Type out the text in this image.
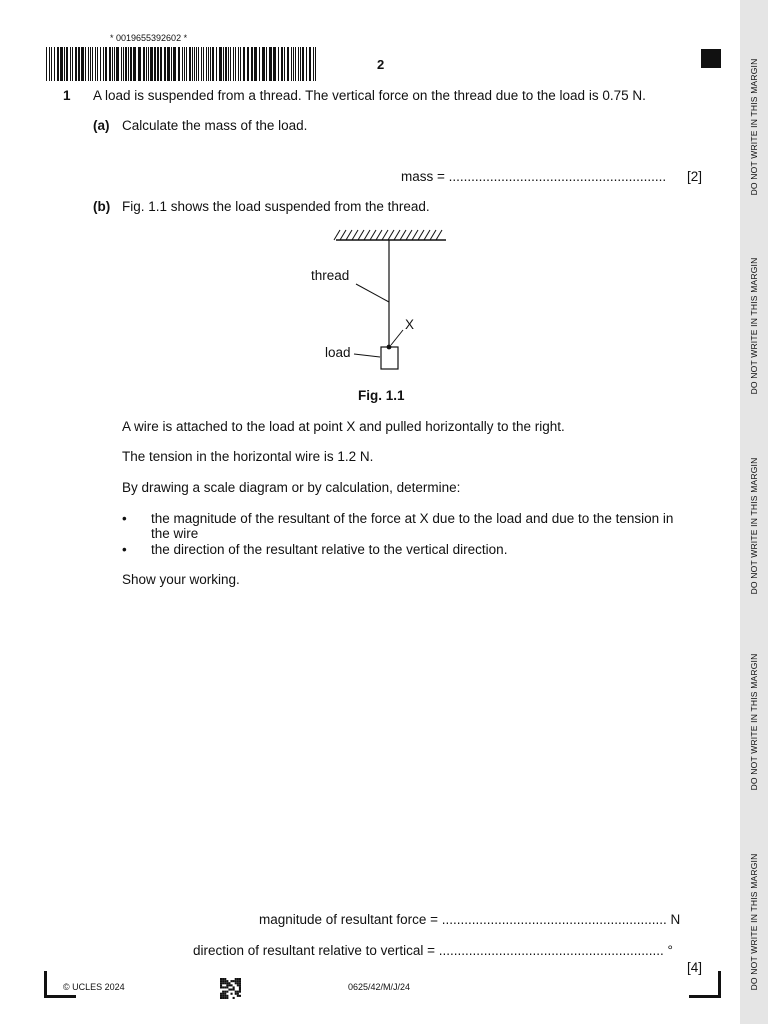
DO NOT WRITE IN THIS MARGIN
DO NOT WRITE IN THIS MARGIN
DO NOT WRITE IN THIS MARGIN
DO NOT WRITE IN THIS MARGIN
DO NOT WRITE IN THIS MARGIN
* 0019655392602 *
2
1 A load is suspended from a thread. The vertical force on the thread due to the load is 0.75 N.
(a) Calculate the mass of the load.
mass = .......................................................... [2]
(b) Fig. 1.1 shows the load suspended from the thread.
thread
X
load
Fig. 1.1
A wire is attached to the load at point X and pulled horizontally to the right.
The tension in the horizontal wire is 1.2 N.
By drawing a scale diagram or by calculation, determine:
• the magnitude of the resultant of the force at X due to the load and due to the tension in
the wire
• the direction of the resultant relative to the vertical direction.
Show your working.
magnitude of resultant force = ............................................................ N
direction of resultant relative to vertical = ............................................................ °
[4]
© UCLES 2024	0625/42/M/J/24
